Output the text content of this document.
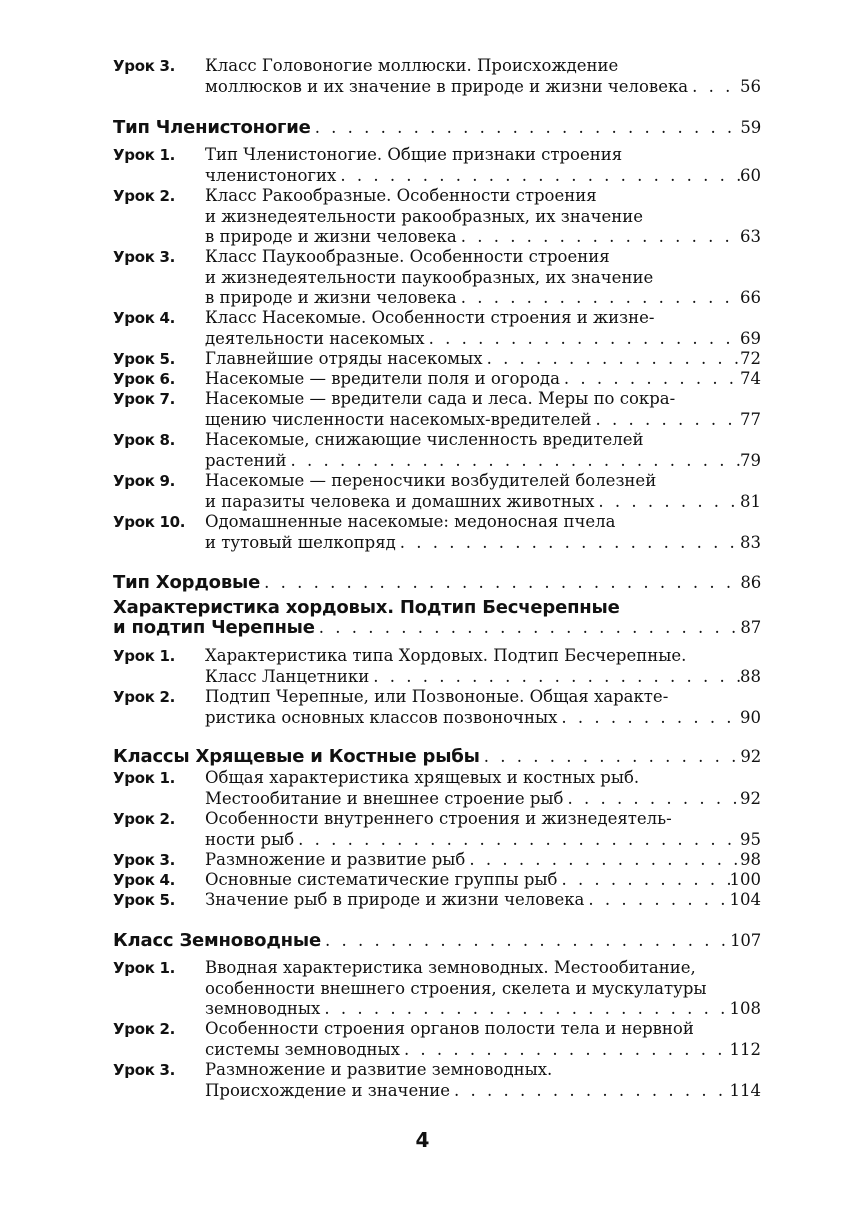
Урок 3.	Класс Головоногие моллюски. Происхождение
моллюсков и их значение в природе и жизни человека . . .	56
Тип Членистоногие . . .	59
Урок 1.	Тип Членистоногие. Общие признаки строения
членистоногих . . .	60
Урок 2.	Класс Ракообразные. Особенности строения
и жизнедеятельности ракообразных, их значение
в природе и жизни человека . . .	63
Урок 3.	Класс Паукообразные. Особенности строения
и жизнедеятельности паукообразных, их значение
в природе и жизни человека . . .	66
Урок 4.	Класс Насекомые. Особенности строения и жизне-
деятельности насекомых . . .	69
Урок 5.	Главнейшие отряды насекомых . . .	72
Урок 6.	Насекомые — вредители поля и огорода . . .	74
Урок 7.	Насекомые — вредители сада и леса. Меры по сокра-
щению численности насекомых-вредителей . . .	77
Урок 8.	Насекомые, снижающие численность вредителей
растений . . .	79
Урок 9.	Насекомые — переносчики возбудителей болезней
и паразиты человека и домашних животных . . .	81
Урок 10.	Одомашненные насекомые: медоносная пчела
и тутовый шелкопряд . . .	83
Тип Хордовые . . .	86
Характеристика хордовых. Подтип Бесчерепные
и подтип Черепные . . .	87
Урок 1.	Характеристика типа Хордовых. Подтип Бесчерепные.
Класс Ланцетники . . .	88
Урок 2.	Подтип Черепные, или Позвононые. Общая характе-
ристика основных классов позвоночных . . .	90
Классы Хрящевые и Костные рыбы . . .	92
Урок 1.	Общая характеристика хрящевых и костных рыб.
Местообитание и внешнее строение рыб . . .	92
Урок 2.	Особенности внутреннего строения и жизнедеятель-
ности рыб . . .	95
Урок 3.	Размножение и развитие рыб . . .	98
Урок 4.	Основные систематические группы рыб . . .	100
Урок 5.	Значение рыб в природе и жизни человека . . .	104
Класс Земноводные . . .	107
Урок 1.	Вводная характеристика земноводных. Местообитание,
особенности внешнего строения, скелета и мускулатуры
земноводных . . .	108
Урок 2.	Особенности строения органов полости тела и нервной
системы земноводных . . .	112
Урок 3.	Размножение и развитие земноводных.
Происхождение и значение . . .	114
4
